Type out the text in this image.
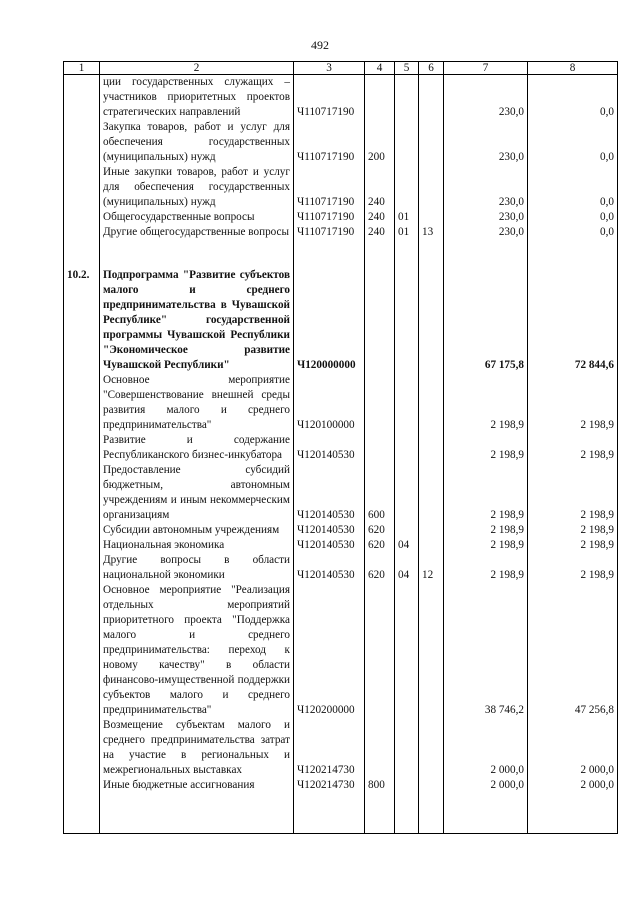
492
1	2	3	4	5	6	7	8
	ции государственных служащих – участников приоритетных проектов стратегических направлений	Ч110717190				230,0	0,0
	Закупка товаров, работ и услуг для обеспечения государственных (муниципальных) нужд	Ч110717190	200			230,0	0,0
	Иные закупки товаров, работ и услуг для обеспечения государственных (муниципальных) нужд	Ч110717190	240			230,0	0,0
	Общегосударственные вопросы	Ч110717190	240	01		230,0	0,0
	Другие общегосударственные вопросы	Ч110717190	240	01	13	230,0	0,0

10.2.	Подпрограмма "Развитие субъектов малого и среднего предпринимательства в Чувашской Республике" государственной программы Чувашской Республики "Экономическое развитие Чувашской Республики"	Ч120000000				67 175,8	72 844,6
	Основное мероприятие "Совершенствование внешней среды развития малого и среднего предпринимательства"	Ч120100000				2 198,9	2 198,9
	Развитие и содержание Республиканского бизнес-инкубатора	Ч120140530				2 198,9	2 198,9
	Предоставление субсидий бюджетным, автономным учреждениям и иным некоммерческим организациям	Ч120140530	600			2 198,9	2 198,9
	Субсидии автономным учреждениям	Ч120140530	620			2 198,9	2 198,9
	Национальная экономика	Ч120140530	620	04		2 198,9	2 198,9
	Другие вопросы в области национальной экономики	Ч120140530	620	04	12	2 198,9	2 198,9
	Основное мероприятие "Реализация отдельных мероприятий приоритетного проекта "Поддержка малого и среднего предпринимательства: переход к новому качеству" в области финансово-имущественной поддержки субъектов малого и среднего предпринимательства"	Ч120200000				38 746,2	47 256,8
	Возмещение субъектам малого и среднего предпринимательства затрат на участие в региональных и межрегиональных выставках	Ч120214730				2 000,0	2 000,0
	Иные бюджетные ассигнования	Ч120214730	800			2 000,0	2 000,0
